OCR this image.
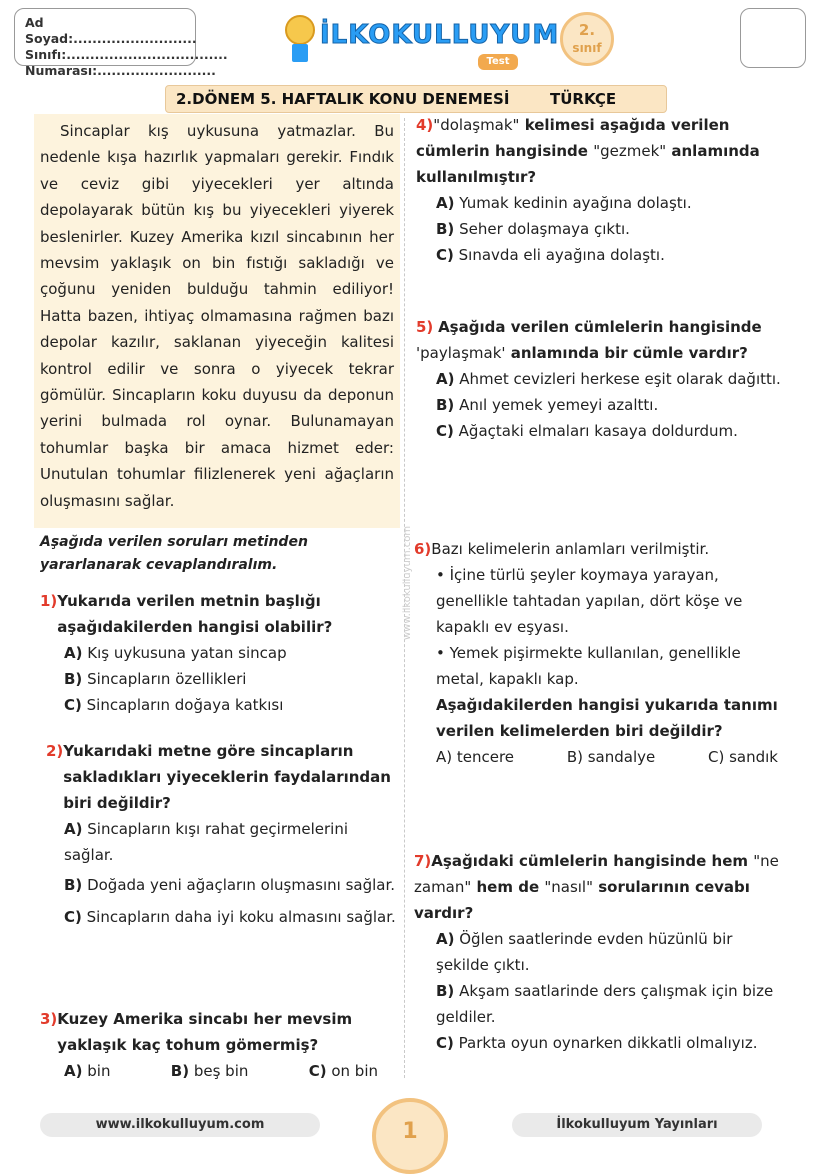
Ad Soyad:..........................
Sınıfı:..................................
Numarası:.........................
İLKOKULLUYUM
Test
2.
sınıf
2.DÖNEM 5. HAFTALIK KONU DENEMESİ	TÜRKÇE
Sincaplar kış uykusuna yatmazlar. Bu nedenle kışa hazırlık yapmaları gerekir. Fındık ve ceviz gibi yiyecekleri yer altında depolayarak bütün kış bu yiyecekleri yiyerek beslenirler. Kuzey Amerika kızıl sincabının her mevsim yaklaşık on bin fıstığı sakladığı ve çoğunu yeniden bulduğu tahmin ediliyor! Hatta bazen, ihtiyaç olmamasına rağmen bazı depolar kazılır, saklanan yiyeceğin kalitesi kontrol edilir ve sonra o yiyecek tekrar gömülür. Sincapların koku duyusu da deponun yerini bulmada rol oynar. Bulunamayan tohumlar başka bir amaca hizmet eder: Unutulan tohumlar filizlenerek yeni ağaçların oluşmasını sağlar.
www.ilkokulluyum.com
Aşağıda verilen soruları metinden yararlanarak cevaplandıralım.
1) Yukarıda verilen metnin başlığı aşağıdakilerden hangisi olabilir?
A) Kış uykusuna yatan sincap
B) Sincapların özellikleri
C) Sincapların doğaya katkısı
2) Yukarıdaki metne göre sincapların sakladıkları yiyeceklerin faydalarından biri değildir?
A) Sincapların kışı rahat geçirmelerini sağlar.
B) Doğada yeni ağaçların oluşmasını sağlar.
C) Sincapların daha iyi koku almasını sağlar.
3) Kuzey Amerika sincabı her mevsim yaklaşık kaç tohum gömermiş?
A) bin	B) beş bin	C) on bin
4)"dolaşmak" kelimesi aşağıda verilen cümlerin hangisinde "gezmek" anlamında kullanılmıştır?
A) Yumak kedinin ayağına dolaştı.
B) Seher dolaşmaya çıktı.
C) Sınavda eli ayağına dolaştı.
5) Aşağıda verilen cümlelerin hangisinde 'paylaşmak' anlamında bir cümle vardır?
A) Ahmet cevizleri herkese eşit olarak dağıttı.
B) Anıl yemek yemeyi azalttı.
C) Ağaçtaki elmaları kasaya doldurdum.
6)Bazı kelimelerin anlamları verilmiştir.
• İçine türlü şeyler koymaya yarayan, genellikle tahtadan yapılan, dört köşe ve kapaklı ev eşyası.
• Yemek pişirmekte kullanılan, genellikle metal, kapaklı kap.
Aşağıdakilerden hangisi yukarıda tanımı verilen kelimelerden biri değildir?
A) tencere	B) sandalye	C) sandık
7)Aşağıdaki cümlelerin hangisinde hem "ne zaman" hem de "nasıl" sorularının cevabı vardır?
A) Öğlen saatlerinde evden hüzünlü bir şekilde çıktı.
B) Akşam saatlarinde ders çalışmak için bize geldiler.
C) Parkta oyun oynarken dikkatli olmalıyız.
www.ilkokulluyum.com	1	İlkokulluyum Yayınları
